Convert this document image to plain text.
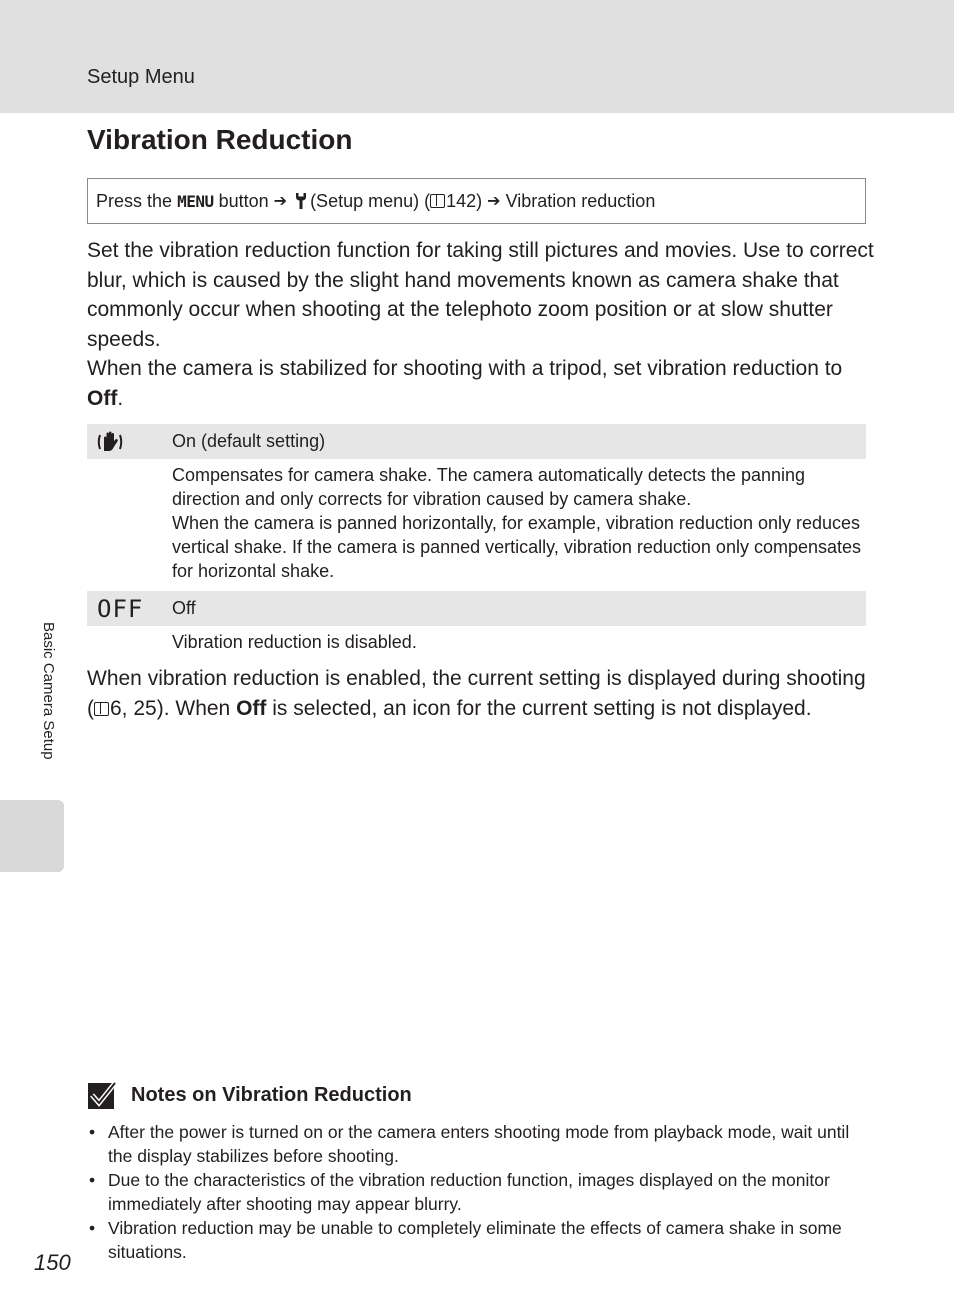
Setup Menu
Vibration Reduction
Press the
MENU
button ➔ (Setup menu) ( 142) ➔ Vibration reduction

Set the vibration reduction function for taking still pictures and movies. Use to correct blur, which is caused by the slight hand movements known as camera shake that commonly occur when shooting at the telephoto zoom position or at slow shutter speeds.

When the camera is stabilized for shooting with a tripod, set vibration reduction to Off.

On (default setting)

Compensates for camera shake. The camera automatically detects the panning direction and only corrects for vibration caused by camera shake.

When the camera is panned horizontally, for example, vibration reduction only reduces vertical shake. If the camera is panned vertically, vibration reduction only compensates for horizontal shake.

OFF Off

Vibration reduction is disabled.

When vibration reduction is enabled, the current setting is displayed during shooting ( 6, 25). When Off is selected, an icon for the current setting is not displayed.

Basic Camera Setup
Notes on Vibration Reduction
• After the power is turned on or the camera enters shooting mode from playback mode, wait until the display stabilizes before shooting.
• Due to the characteristics of the vibration reduction function, images displayed on the monitor immediately after shooting may appear blurry.
• Vibration reduction may be unable to completely eliminate the effects of camera shake in some situations.
150
